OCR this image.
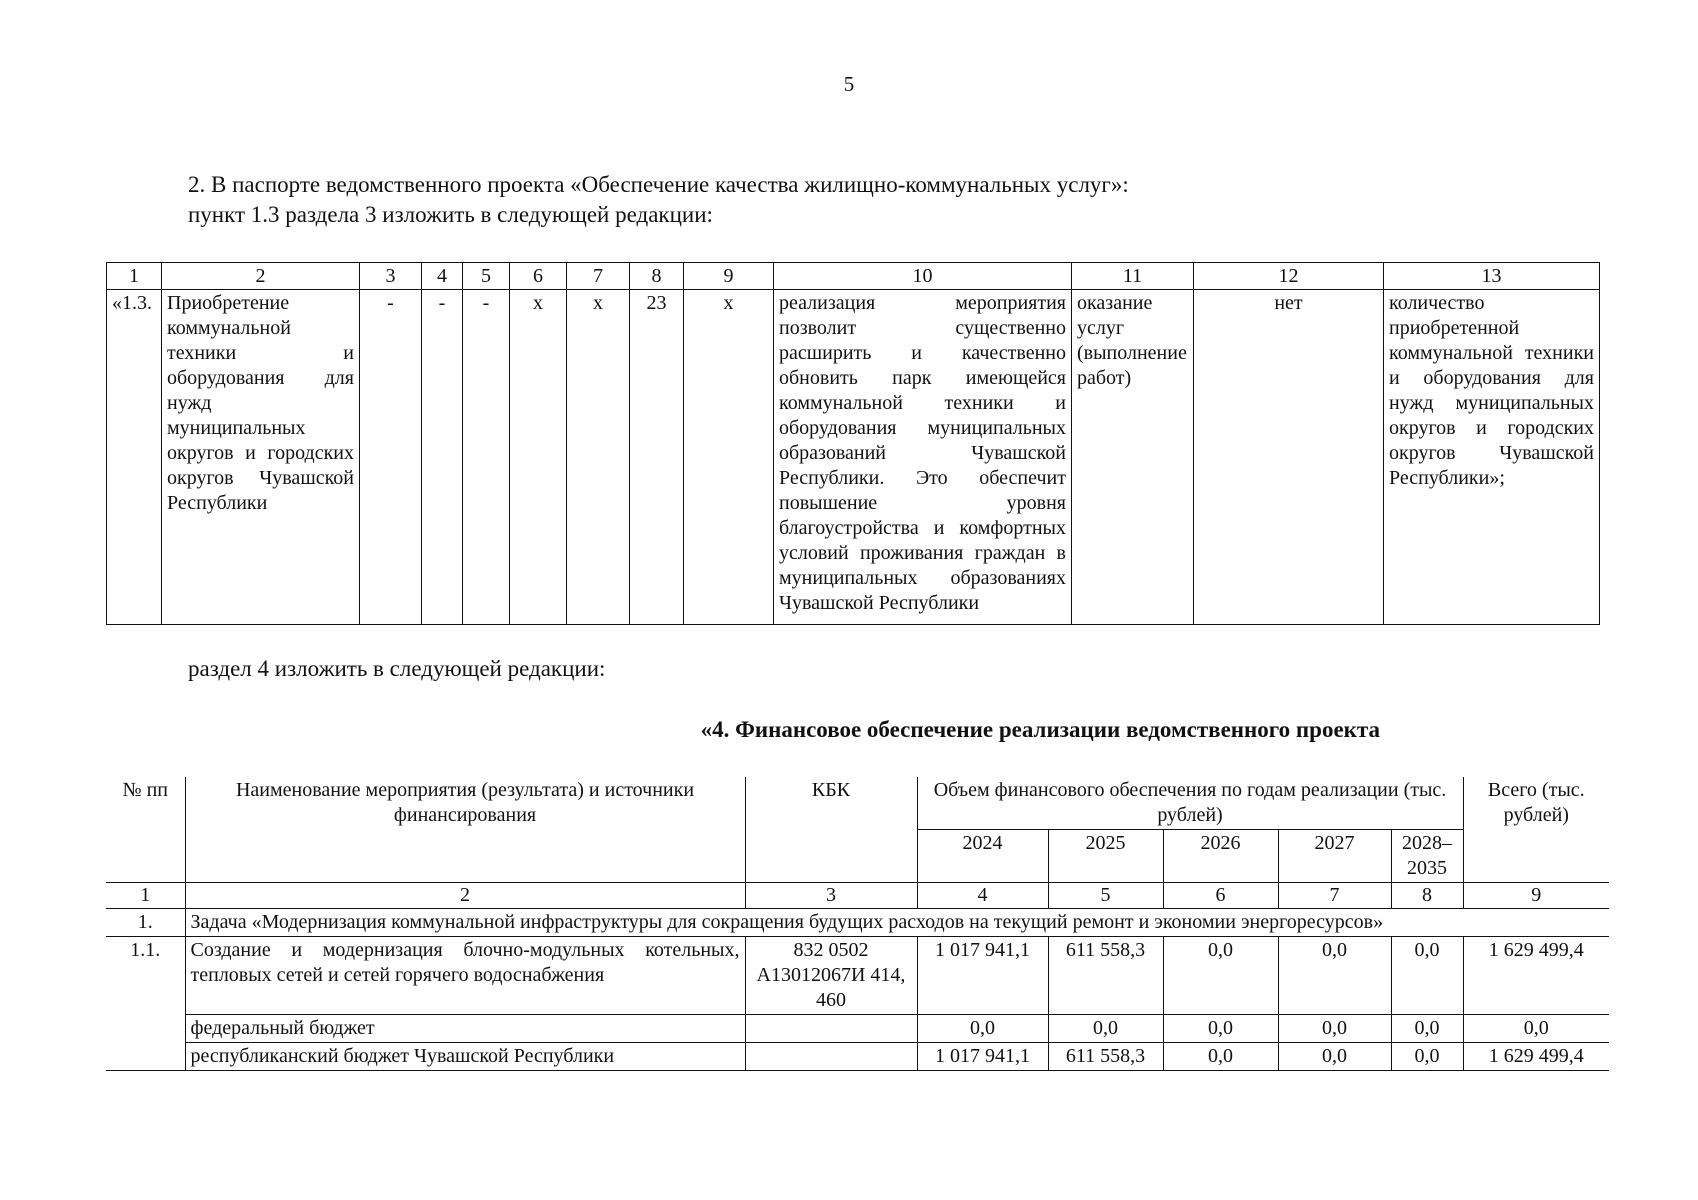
5

2. В паспорте ведомственного проекта «Обеспечение качества жилищно-коммунальных услуг»:

пункт 1.3 раздела 3 изложить в следующей редакции:

1	2	3	4	5	6	7	8	9	10	11	12	13
«1.3.	Приобретение коммунальной техники и оборудования для нужд муниципальных округов и городских округов Чувашской Республики	-	-	-	х	х	23	х	реализация мероприятия позволит существенно расширить и качественно обновить парк имеющейся коммунальной техники и оборудования муниципальных образований Чувашской Республики. Это обеспечит повышение уровня благоустройства и комфортных условий проживания граждан в муниципальных образованиях Чувашской Республики	оказание услуг (выполнение работ)	нет	количество приобретенной коммунальной техники и оборудования для нужд муниципальных округов и городских округов Чувашской Республики»;

раздел 4 изложить в следующей редакции:

«4. Финансовое обеспечение реализации ведомственного проекта

№ пп	Наименование мероприятия (результата) и источники финансирования	КБК	Объем финансового обеспечения по годам реализации (тыс. рублей)					Всего (тыс. рублей)
			2024	2025	2026	2027	2028–2035	
1	2	3	4	5	6	7	8	9
1.	Задача «Модернизация коммунальной инфраструктуры для сокращения будущих расходов на текущий ремонт и экономии энергоресурсов»							
1.1.	Создание и модернизация блочно-модульных котельных, тепловых сетей и сетей горячего водоснабжения	832 0502 А13012067И 414, 460	1 017 941,1	611 558,3	0,0	0,0	0,0	1 629 499,4
	федеральный бюджет		0,0	0,0	0,0	0,0	0,0	0,0
	республиканский бюджет Чувашской Республики		1 017 941,1	611 558,3	0,0	0,0	0,0	1 629 499,4
